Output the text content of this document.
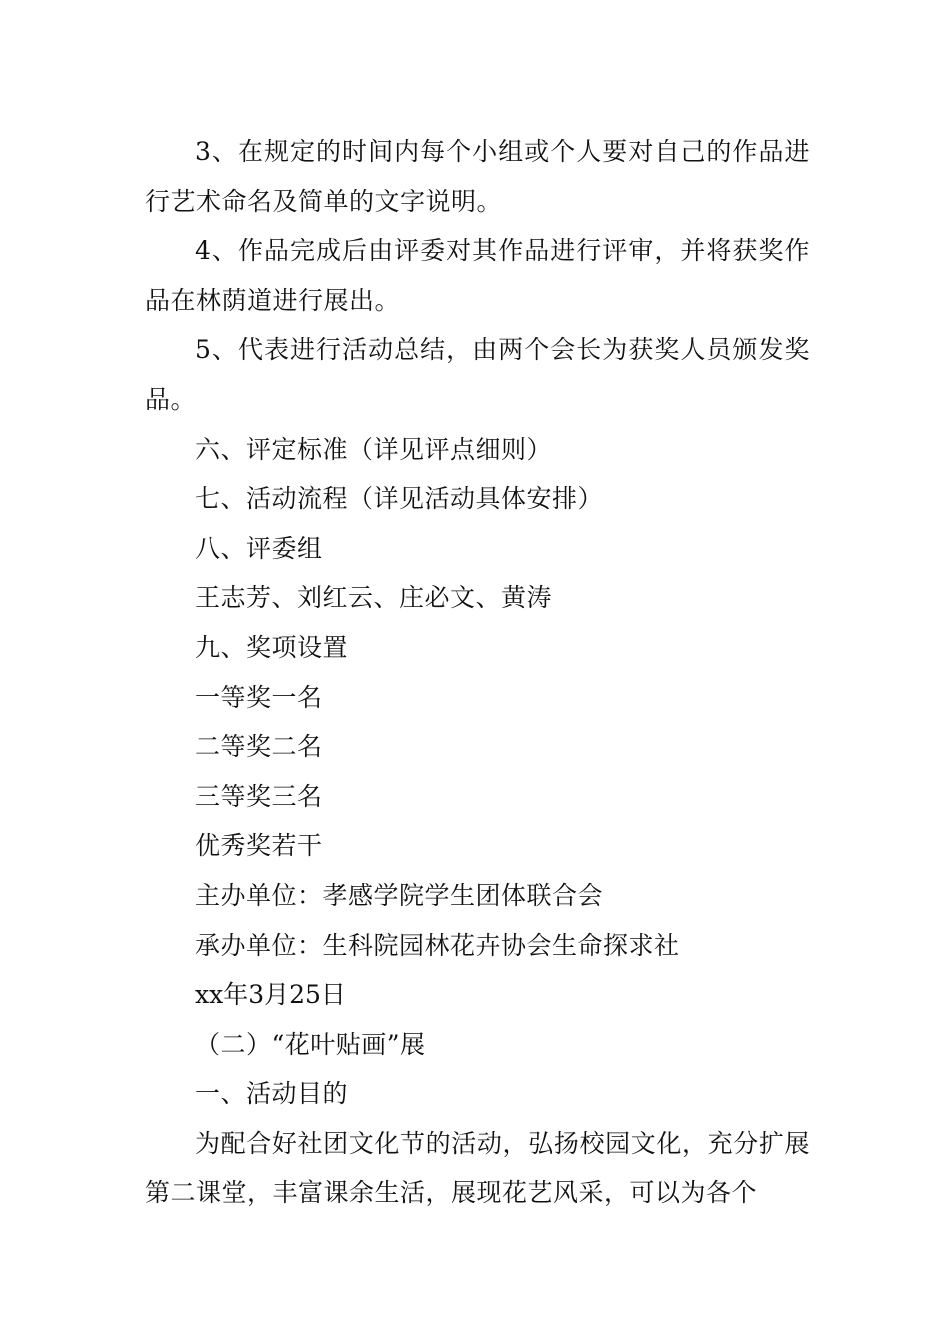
3、在规定的时间内每个小组或个人要对自己的作品进行艺术命名及简单的文字说明。

4、作品完成后由评委对其作品进行评审，并将获奖作品在林荫道进行展出。

5、代表进行活动总结，由两个会长为获奖人员颁发奖品。

六、评定标准（详见评点细则）

七、活动流程（详见活动具体安排）

八、评委组

王志芳、刘红云、庄必文、黄涛

九、奖项设置

一等奖一名

二等奖二名

三等奖三名

优秀奖若干

主办单位：孝感学院学生团体联合会

承办单位：生科院园林花卉协会生命探求社

xx年3月25日

（二）“花叶贴画”展

一、活动目的

为配合好社团文化节的活动，弘扬校园文化，充分扩展第二课堂，丰富课余生活，展现花艺风采，可以为各个
